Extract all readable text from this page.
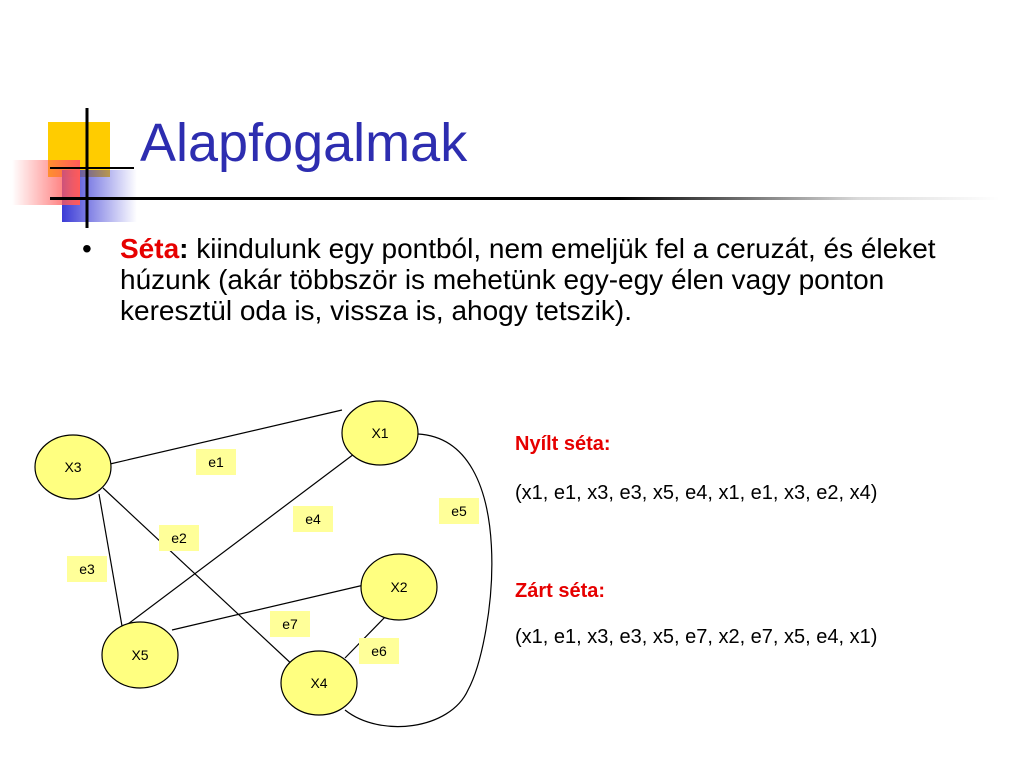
Alapfogalmak
• Séta: kiindulunk egy pontból, nem emeljük fel a ceruzát, és éleket húzunk (akár többször is mehetünk egy-egy élen vagy ponton keresztül oda is, vissza is, ahogy tetszik).
X1
X2
X3
X4
X5
e1
e2
e3
e4	e5
e6
e7
Nyílt séta:
(x1, e1, x3, e3, x5, e4, x1, e1, x3, e2, x4)
Zárt séta:
(x1, e1, x3, e3, x5, e7, x2, e7, x5, e4, x1)
